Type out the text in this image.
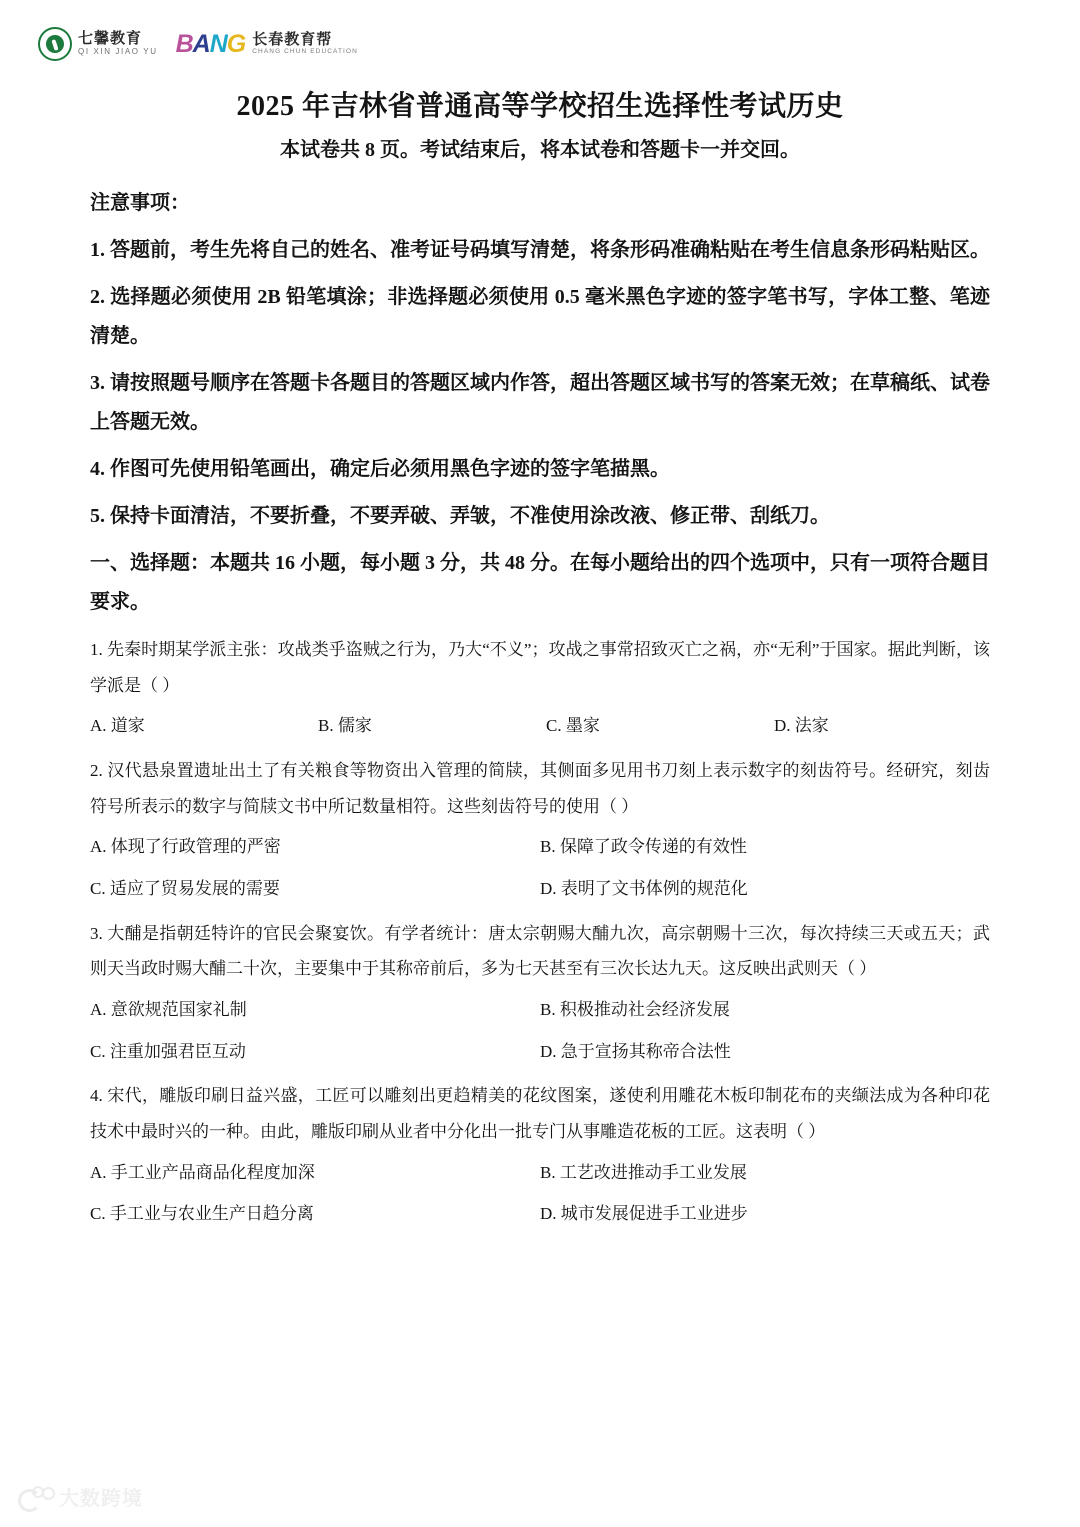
七馨教育
QI XIN JIAO YU B A N G 长春教育帮
CHANG CHUN EDUCATION
2025 年吉林省普通高等学校招生选择性考试历史
本试卷共 8 页。考试结束后，将本试卷和答题卡一并交回。
注意事项：
1. 答题前，考生先将自己的姓名、准考证号码填写清楚，将条形码准确粘贴在考生信息条形码粘贴区。
2. 选择题必须使用 2B 铅笔填涂；非选择题必须使用 0.5 毫米黑色字迹的签字笔书写，字体工整、笔迹清楚。
3. 请按照题号顺序在答题卡各题目的答题区域内作答，超出答题区域书写的答案无效；在草稿纸、试卷上答题无效。
4. 作图可先使用铅笔画出，确定后必须用黑色字迹的签字笔描黑。
5. 保持卡面清洁，不要折叠，不要弄破、弄皱，不准使用涂改液、修正带、刮纸刀。
一、选择题：本题共 16 小题，每小题 3 分，共 48 分。在每小题给出的四个选项中，只有一项符合题目要求。

1. 先秦时期某学派主张：攻战类乎盗贼之行为，乃大“不义”；攻战之事常招致灭亡之祸，亦“无利”于国家。据此判断，该学派是（ ）

A. 道家	B. 儒家	C. 墨家	D. 法家

2. 汉代悬泉置遗址出土了有关粮食等物资出入管理的简牍，其侧面多见用书刀刻上表示数字的刻齿符号。经研究，刻齿符号所表示的数字与简牍文书中所记数量相符。这些刻齿符号的使用（ ）

A. 体现了行政管理的严密	B. 保障了政令传递的有效性
C. 适应了贸易发展的需要	D. 表明了文书体例的规范化

3. 大酺是指朝廷特许的官民会聚宴饮。有学者统计：唐太宗朝赐大酺九次，高宗朝赐十三次，每次持续三天或五天；武则天当政时赐大酺二十次，主要集中于其称帝前后，多为七天甚至有三次长达九天。这反映出武则天（ ）

A. 意欲规范国家礼制	B. 积极推动社会经济发展
C. 注重加强君臣互动	D. 急于宣扬其称帝合法性

4. 宋代，雕版印刷日益兴盛，工匠可以雕刻出更趋精美的花纹图案，遂使利用雕花木板印制花布的夹缬法成为各种印花技术中最时兴的一种。由此，雕版印刷从业者中分化出一批专门从事雕造花板的工匠。这表明（ ）

A. 手工业产品商品化程度加深	B. 工艺改进推动手工业发展
C. 手工业与农业生产日趋分离	D. 城市发展促进手工业进步
大数跨境
